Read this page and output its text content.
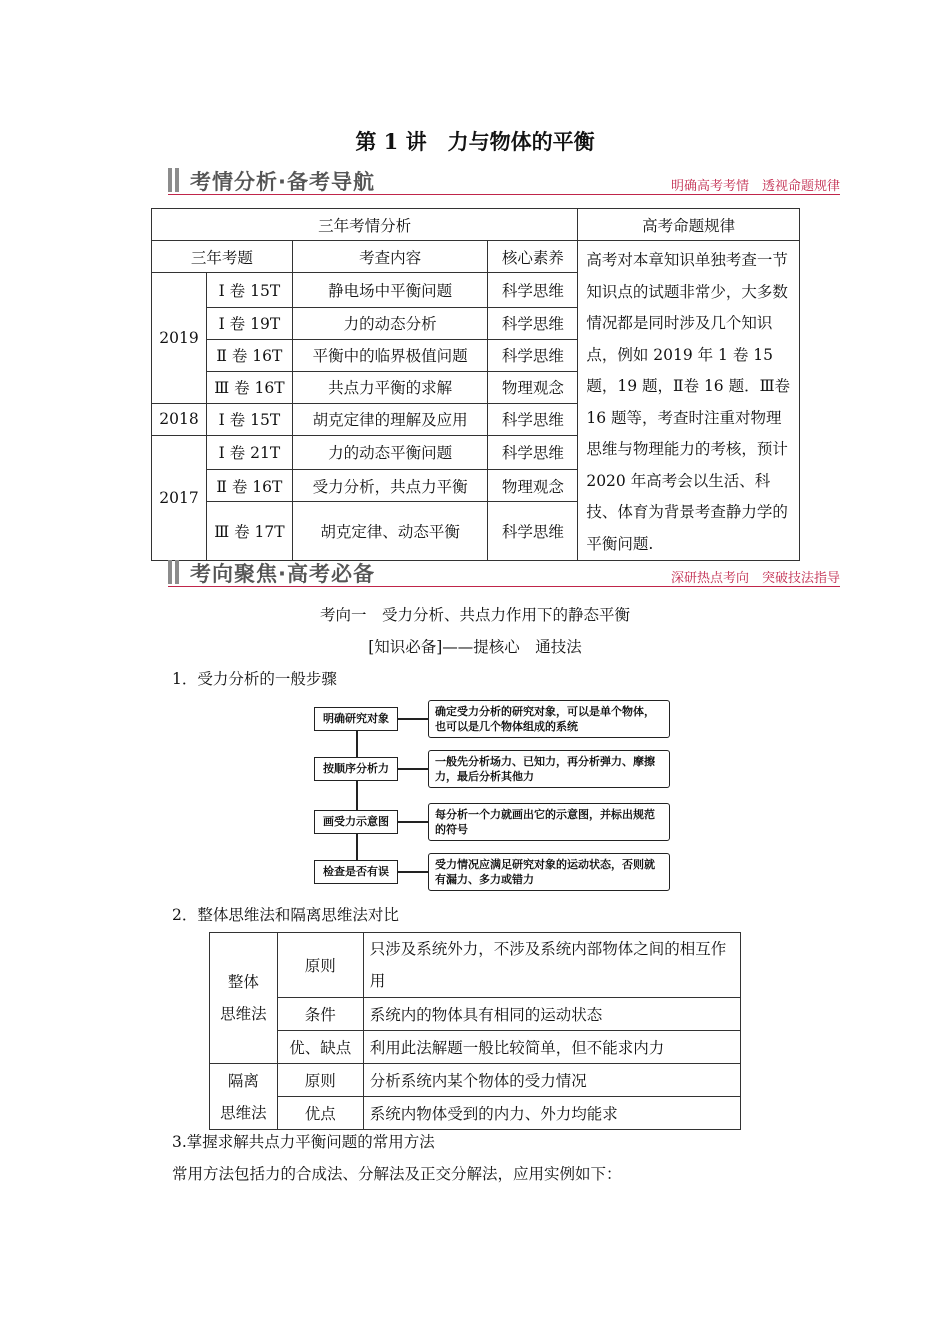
第 1 讲　力与物体的平衡
考情分析·备考导航	明确高考考情　透视命题规律
三年考情分析				高考命题规律
三年考题		考查内容	核心素养	高考对本章知识单独考查一节知识点的试题非常少，大多数情况都是同时涉及几个知识点，例如 2019 年 1 卷 15 题，19 题，Ⅱ卷 16 题．Ⅲ卷 16 题等，考查时注重对物理思维与物理能力的考核，预计 2020 年高考会以生活、科技、体育为背景考查静力学的平衡问题.
2019	Ⅰ 卷 15T	静电场中平衡问题	科学思维	
	Ⅰ 卷 19T	力的动态分析	科学思维	
	Ⅱ 卷 16T	平衡中的临界极值问题	科学思维	
	Ⅲ 卷 16T	共点力平衡的求解	物理观念	
2018	Ⅰ 卷 15T	胡克定律的理解及应用	科学思维	
2017	Ⅰ 卷 21T	力的动态平衡问题	科学思维	
	Ⅱ 卷 16T	受力分析，共点力平衡	物理观念	
	Ⅲ 卷 17T	胡克定律、动态平衡	科学思维	
考向聚焦·高考必备	深研热点考向　突破技法指导
考向一　受力分析、共点力作用下的静态平衡
[知识必备]——提核心　通技法
1．受力分析的一般步骤
明确研究对象
确定受力分析的研究对象，可以是单个物体，也可以是几个物体组成的系统
按顺序分析力
一般先分析场力、已知力，再分析弹力、摩擦力，最后分析其他力
画受力示意图
每分析一个力就画出它的示意图，并标出规范的符号
检查是否有误
受力情况应满足研究对象的运动状态，否则就有漏力、多力或错力
2．整体思维法和隔离思维法对比
整体
思维法	原则	只涉及系统外力，不涉及系统内部物体之间的相互作用
	条件	系统内的物体具有相同的运动状态
	优、缺点	利用此法解题一般比较简单，但不能求内力

隔离
思维法	原则	分析系统内某个物体的受力情况
	优点	系统内物体受到的内力、外力均能求
3.掌握求解共点力平衡问题的常用方法
常用方法包括力的合成法、分解法及正交分解法，应用实例如下：
